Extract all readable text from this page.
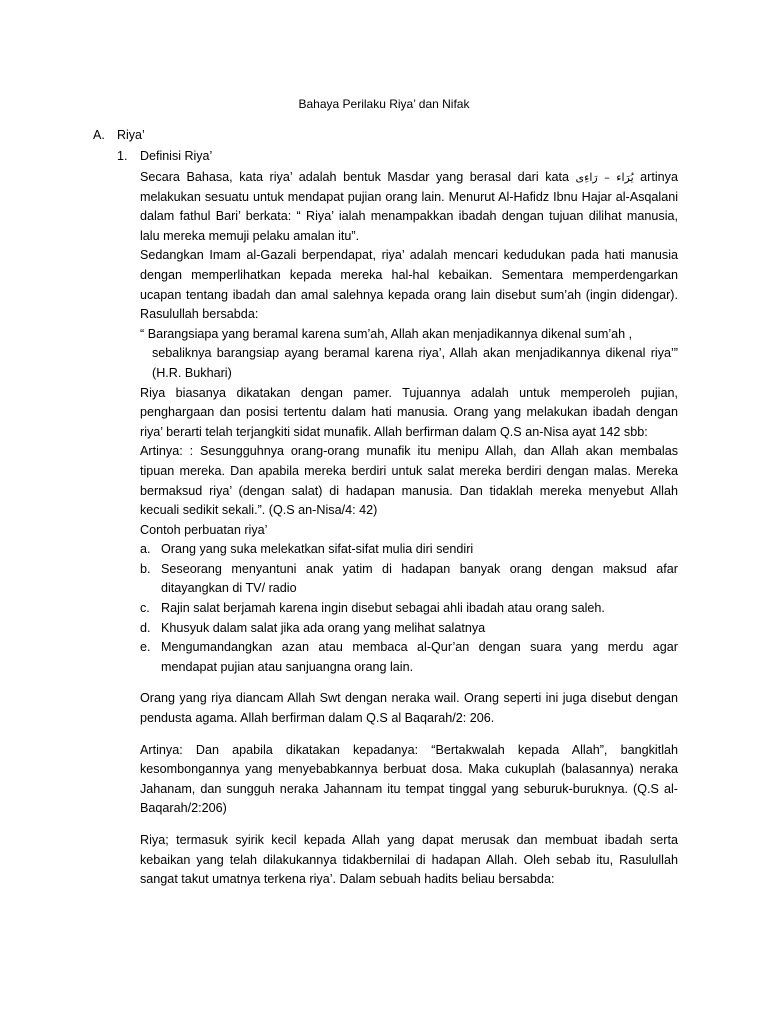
Bahaya Perilaku Riya’ dan Nifak
A. Riya’
1. Definisi Riya’

Secara Bahasa, kata riya’ adalah bentuk Masdar yang berasal dari kata يُرَاء – رَاءِى artinya melakukan sesuatu untuk mendapat pujian orang lain. Menurut Al-Hafidz Ibnu Hajar al-Asqalani dalam fathul Bari’ berkata: “ Riya’ ialah menampakkan ibadah dengan tujuan dilihat manusia, lalu mereka memuji pelaku amalan itu”.

Sedangkan Imam al-Gazali berpendapat, riya’ adalah mencari kedudukan pada hati manusia dengan memperlihatkan kepada mereka hal-hal kebaikan. Sementara memperdengarkan ucapan tentang ibadah dan amal salehnya kepada orang lain disebut sum’ah (ingin didengar). Rasulullah bersabda:

“ Barangsiapa yang beramal karena sum’ah, Allah akan menjadikannya dikenal sum’ah ,

sebaliknya barangsiap ayang beramal karena riya’, Allah akan menjadikannya dikenal riya’” (H.R. Bukhari)

Riya biasanya dikatakan dengan pamer. Tujuannya adalah untuk memperoleh pujian, penghargaan dan posisi tertentu dalam hati manusia. Orang yang melakukan ibadah dengan riya’ berarti telah terjangkiti sidat munafik. Allah berfirman dalam Q.S an-Nisa ayat 142 sbb:

Artinya: : Sesungguhnya orang-orang munafik itu menipu Allah, dan Allah akan membalas tipuan mereka. Dan apabila mereka berdiri untuk salat mereka berdiri dengan malas. Mereka bermaksud riya’ (dengan salat) di hadapan manusia. Dan tidaklah mereka menyebut Allah kecuali sedikit sekali.”. (Q.S an-Nisa/4: 42)

Contoh perbuatan riya’

a. Orang yang suka melekatkan sifat-sifat mulia diri sendiri
b. Seseorang menyantuni anak yatim di hadapan banyak orang dengan maksud afar ditayangkan di TV/ radio
c. Rajin salat berjamah karena ingin disebut sebagai ahli ibadah atau orang saleh.
d. Khusyuk dalam salat jika ada orang yang melihat salatnya
e. Mengumandangkan azan atau membaca al-Qur’an dengan suara yang merdu agar mendapat pujian atau sanjuangna orang lain.

Orang yang riya diancam Allah Swt dengan neraka wail. Orang seperti ini juga disebut dengan pendusta agama. Allah berfirman dalam Q.S al Baqarah/2: 206.

Artinya: Dan apabila dikatakan kepadanya: “Bertakwalah kepada Allah”, bangkitlah kesombongannya yang menyebabkannya berbuat dosa. Maka cukuplah (balasannya) neraka Jahanam, dan sungguh neraka Jahannam itu tempat tinggal yang seburuk-buruknya. (Q.S al-Baqarah/2:206)

Riya; termasuk syirik kecil kepada Allah yang dapat merusak dan membuat ibadah serta kebaikan yang telah dilakukannya tidakbernilai di hadapan Allah. Oleh sebab itu, Rasulullah sangat takut umatnya terkena riya’. Dalam sebuah hadits beliau bersabda:
